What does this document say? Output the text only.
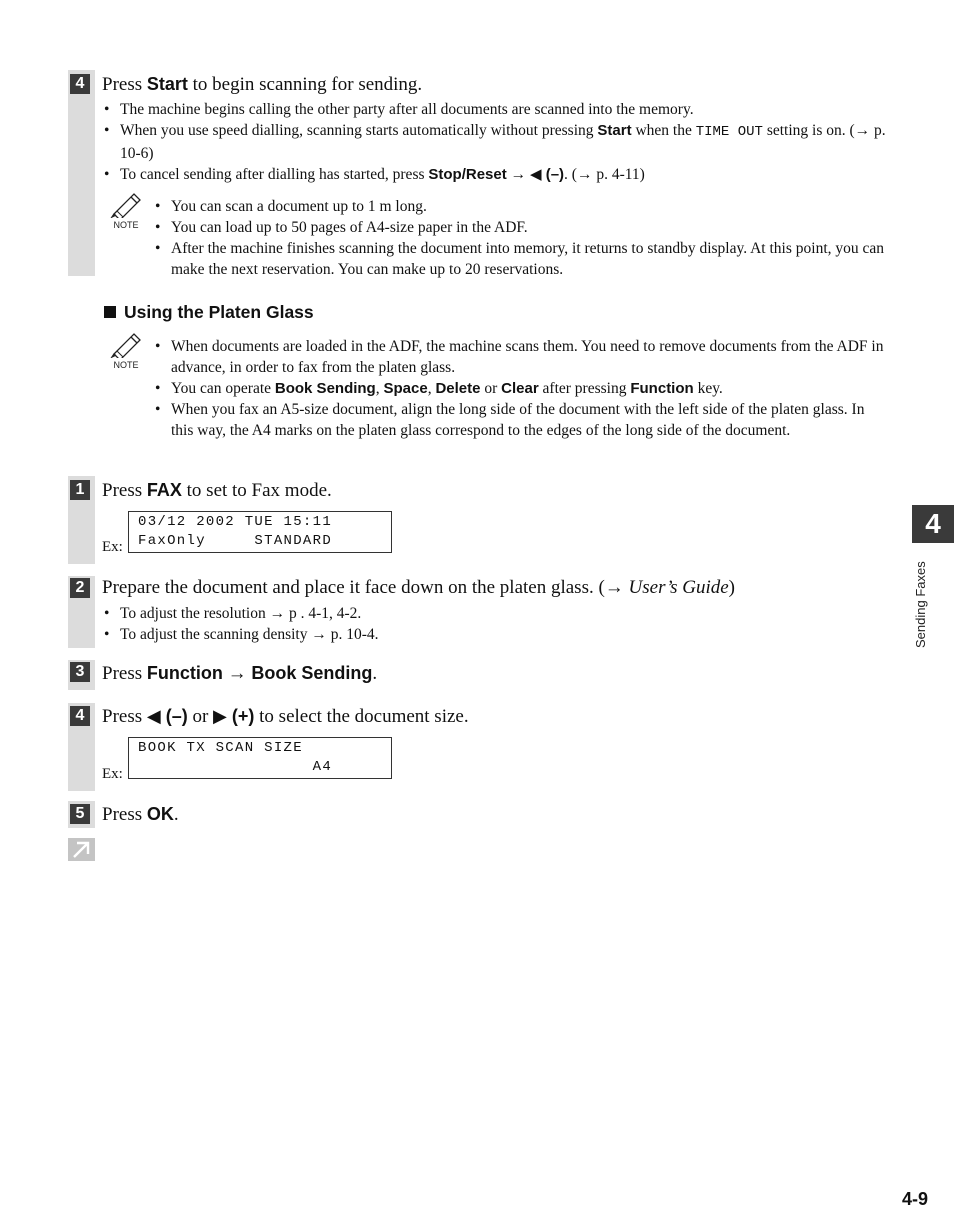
4 Press Start to begin scanning for sending.
• The machine begins calling the other party after all documents are scanned into the memory.
• When you use speed dialling, scanning starts automatically without pressing Start when the TIME OUT setting is on. (→ p. 10-6)
• To cancel sending after dialling has started, press Stop/Reset → ◀ (–). (→ p. 4-11)
NOTE
• You can scan a document up to 1 m long.
• You can load up to 50 pages of A4-size paper in the ADF.
• After the machine finishes scanning the document into memory, it returns to standby display. At this point, you can make the next reservation. You can make up to 20 reservations.
Using the Platen Glass
NOTE
• When documents are loaded in the ADF, the machine scans them. You need to remove documents from the ADF in advance, in order to fax from the platen glass.
• You can operate Book Sending, Space, Delete or Clear after pressing Function key.
• When you fax an A5-size document, align the long side of the document with the left side of the platen glass. In this way, the A4 marks on the platen glass correspond to the edges of the long side of the document.
1 Press FAX to set to Fax mode.
Ex:
03/12 2002 TUE 15:11
FaxOnly     STANDARD
2 Prepare the document and place it face down on the platen glass. (→ User’s Guide)
• To adjust the resolution → p . 4-1, 4-2.
• To adjust the scanning density → p. 10-4.
3 Press Function → Book Sending.
4 Press ◀ (–) or ▶ (+) to select the document size.
Ex:
BOOK TX SCAN SIZE
A4
5 Press OK.
4
Sending Faxes
4-9
